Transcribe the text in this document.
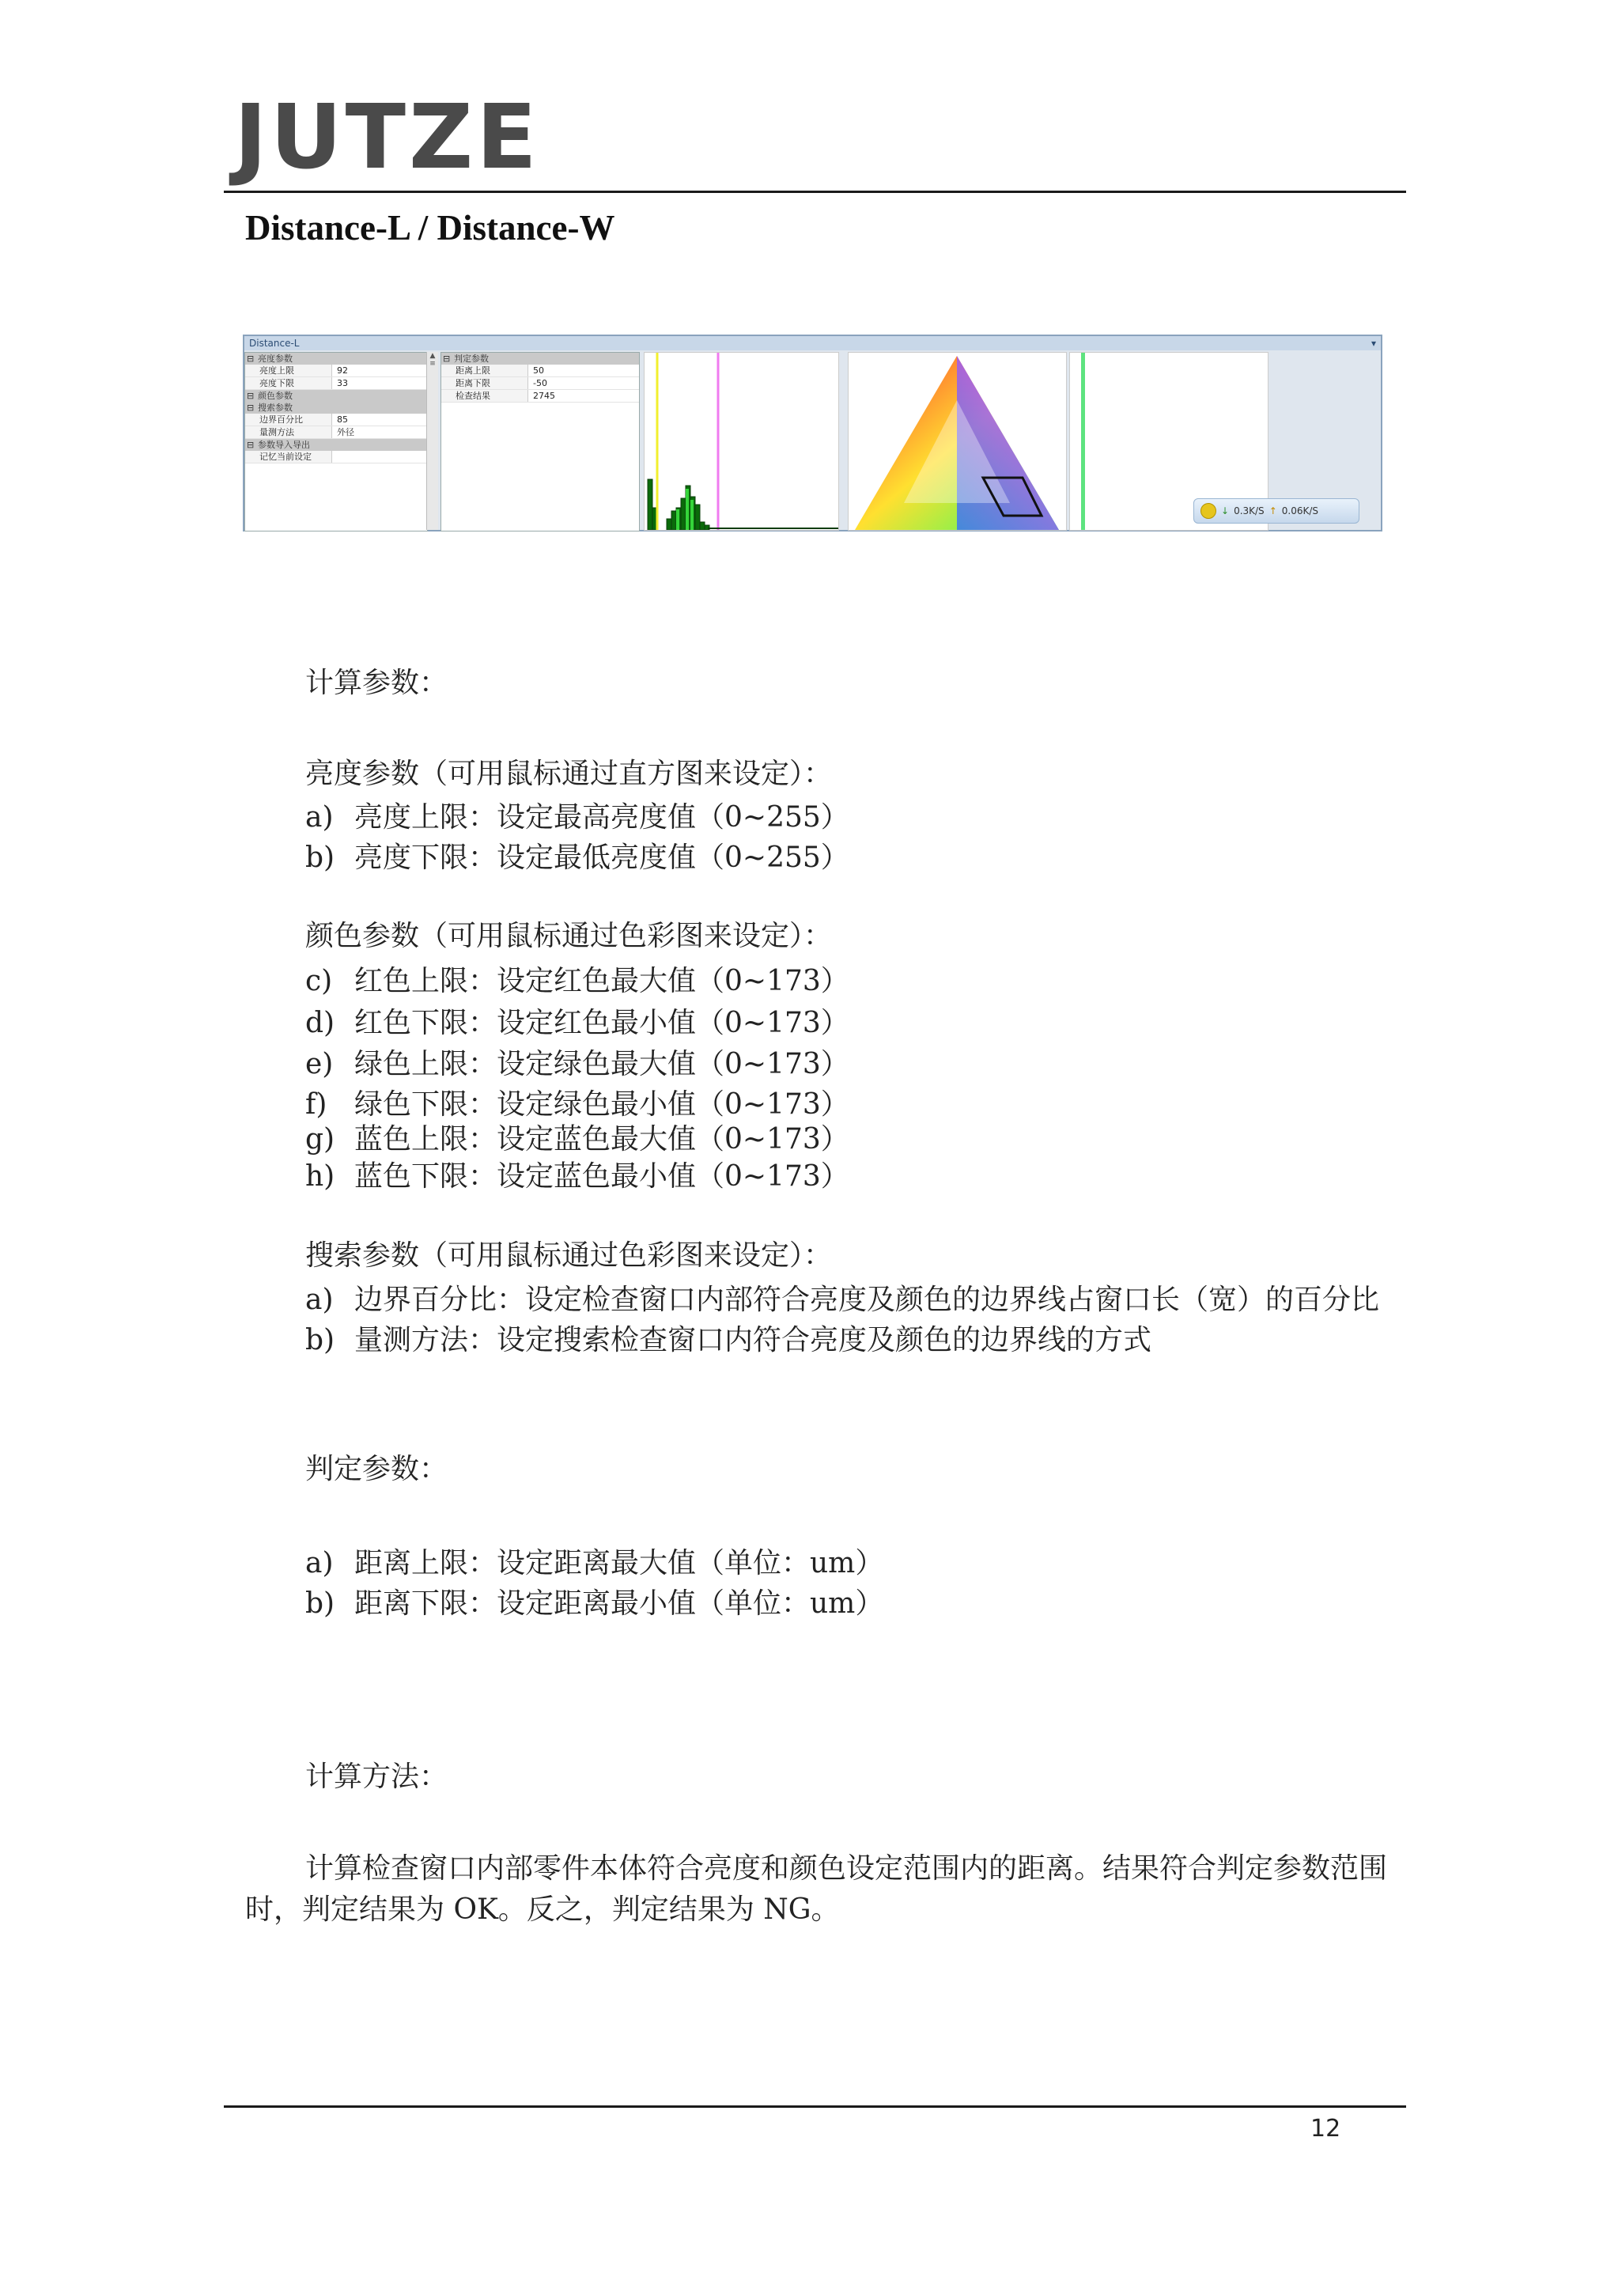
JUTZE
Distance-L / Distance-W
Distance-L	▾
⊟ 亮度参数
亮度上限	92
亮度下限	33
⊟ 颜色参数
⊟ 搜索参数
边界百分比	85
量测方法	外径
⊟ 参数导入导出
记忆当前设定
▲
≡	⊟ 判定参数
距离上限	50
距离下限	-50
检查结果	2745
↓ 0.3K/S ↑ 0.06K/S
计算参数：
亮度参数（可用鼠标通过直方图来设定）：
a) 亮度上限：设定最高亮度值（0~255）
b) 亮度下限：设定最低亮度值（0~255）
颜色参数（可用鼠标通过色彩图来设定）：
c) 红色上限：设定红色最大值（0~173）
d) 红色下限：设定红色最小值（0~173）
e) 绿色上限：设定绿色最大值（0~173）
f) 绿色下限：设定绿色最小值（0~173）
g) 蓝色上限：设定蓝色最大值（0~173）
h) 蓝色下限：设定蓝色最小值（0~173）
搜索参数（可用鼠标通过色彩图来设定）：
a) 边界百分比：设定检查窗口内部符合亮度及颜色的边界线占窗口长（宽）的百分比
b) 量测方法：设定搜索检查窗口内符合亮度及颜色的边界线的方式
判定参数：
a) 距离上限：设定距离最大值（单位：um）
b) 距离下限：设定距离最小值（单位：um）
计算方法：
计算检查窗口内部零件本体符合亮度和颜色设定范围内的距离。结果符合判定参数范围时，判定结果为 OK。反之，判定结果为 NG。
12
